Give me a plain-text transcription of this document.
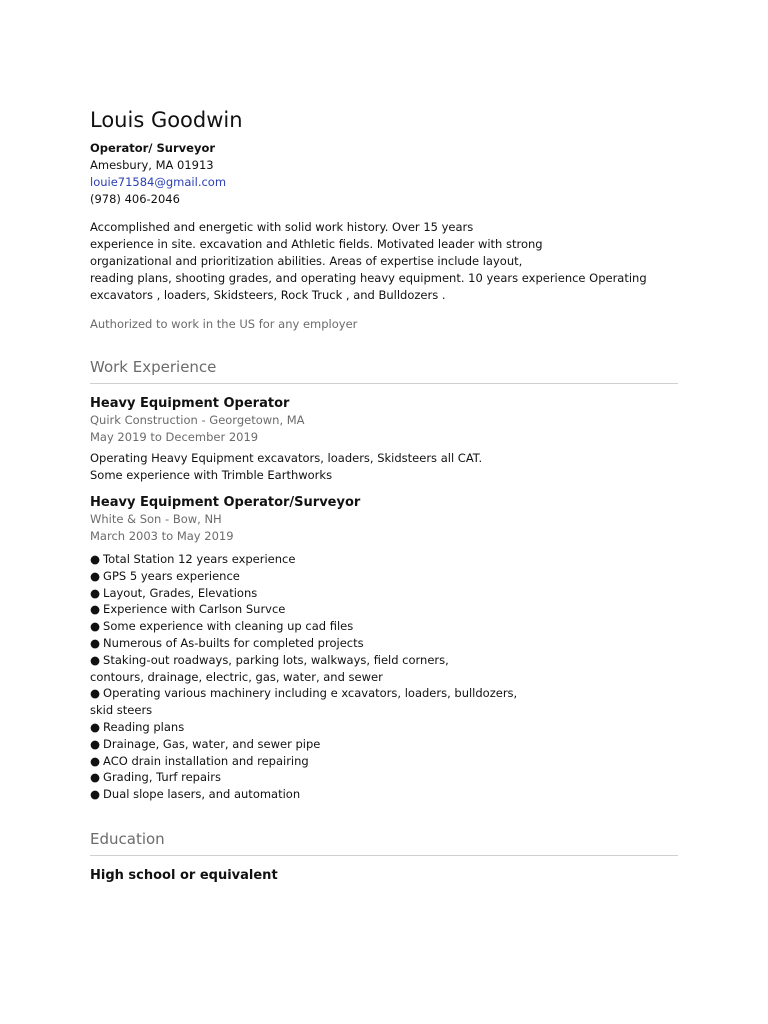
Louis Goodwin
Operator/ Surveyor
Amesbury, MA 01913
louie71584@gmail.com
(978) 406-2046
Accomplished and energetic with solid work history. Over 15 years
experience in site. excavation and Athletic fields. Motivated leader with strong
organizational and prioritization abilities. Areas of expertise include layout,
reading plans, shooting grades, and operating heavy equipment. 10 years experience Operating
excavators , loaders, Skidsteers, Rock Truck , and Bulldozers .
Authorized to work in the US for any employer
Work Experience
Heavy Equipment Operator
Quirk Construction - Georgetown, MA
May 2019 to December 2019
Operating Heavy Equipment excavators, loaders, Skidsteers all CAT.
Some experience with Trimble Earthworks
Heavy Equipment Operator/Surveyor
White & Son - Bow, NH
March 2003 to May 2019
● Total Station 12 years experience
● GPS 5 years experience
● Layout, Grades, Elevations
● Experience with Carlson Survce
● Some experience with cleaning up cad files
● Numerous of As-builts for completed projects
● Staking-out roadways, parking lots, walkways, field corners,
contours, drainage, electric, gas, water, and sewer
● Operating various machinery including e xcavators, loaders, bulldozers,
skid steers
● Reading plans
● Drainage, Gas, water, and sewer pipe
● ACO drain installation and repairing
● Grading, Turf repairs
● Dual slope lasers, and automation
Education
High school or equivalent
